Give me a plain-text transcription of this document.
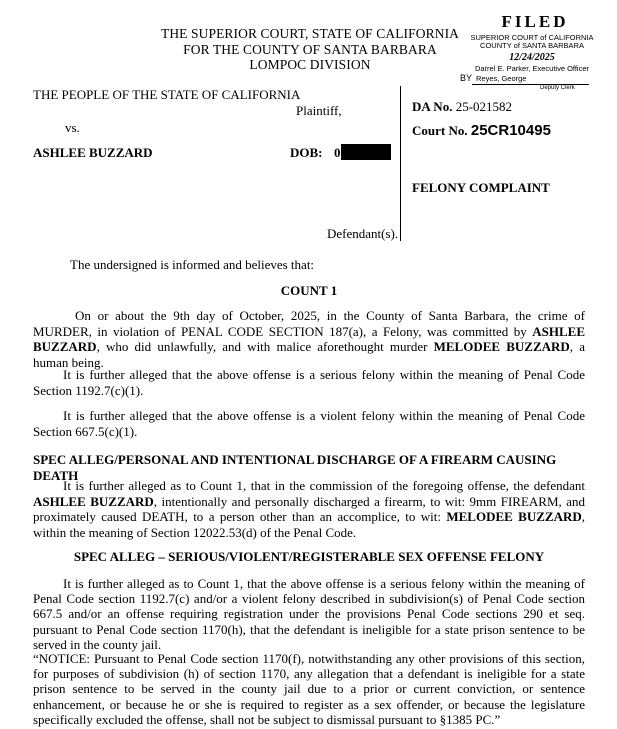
THE SUPERIOR COURT, STATE OF CALIFORNIA
FOR THE COUNTY OF SANTA BARBARA
LOMPOC DIVISION
FILED
SUPERIOR COURT of CALIFORNIA
COUNTY of SANTA BARBARA
12/24/2025
Darrel E. Parker, Executive Officer
BY Reyes, George
Deputy Clerk
THE PEOPLE OF THE STATE OF CALIFORNIA
Plaintiff,
vs.
ASHLEE BUZZARD	DOB: 0
Defendant(s).
DA No. 25-021582
Court No. 25CR10495
FELONY COMPLAINT
The undersigned is informed and believes that:
COUNT 1
On or about the 9th day of October, 2025, in the County of Santa Barbara, the crime of MURDER, in violation of PENAL CODE SECTION 187(a), a Felony, was committed by ASHLEE BUZZARD, who did unlawfully, and with malice aforethought murder MELODEE BUZZARD, a human being.
It is further alleged that the above offense is a serious felony within the meaning of Penal Code Section 1192.7(c)(1).
It is further alleged that the above offense is a violent felony within the meaning of Penal Code Section 667.5(c)(1).
SPEC ALLEG/PERSONAL AND INTENTIONAL DISCHARGE OF A FIREARM CAUSING DEATH
It is further alleged as to Count 1, that in the commission of the foregoing offense, the defendant ASHLEE BUZZARD, intentionally and personally discharged a firearm, to wit: 9mm FIREARM, and proximately caused DEATH, to a person other than an accomplice, to wit: MELODEE BUZZARD, within the meaning of Section 12022.53(d) of the Penal Code.
SPEC ALLEG – SERIOUS/VIOLENT/REGISTERABLE SEX OFFENSE FELONY
It is further alleged as to Count 1, that the above offense is a serious felony within the meaning of Penal Code section 1192.7(c) and/or a violent felony described in subdivision(s) of Penal Code section 667.5 and/or an offense requiring registration under the provisions Penal Code sections 290 et seq. pursuant to Penal Code section 1170(h), that the defendant is ineligible for a state prison sentence to be served in the county jail.
“NOTICE: Pursuant to Penal Code section 1170(f), notwithstanding any other provisions of this section, for purposes of subdivision (h) of section 1170, any allegation that a defendant is ineligible for a state prison sentence to be served in the county jail due to a prior or current conviction, or sentence enhancement, or because he or she is required to register as a sex offender, or because the legislature specifically excluded the offense, shall not be subject to dismissal pursuant to §1385 PC.”
